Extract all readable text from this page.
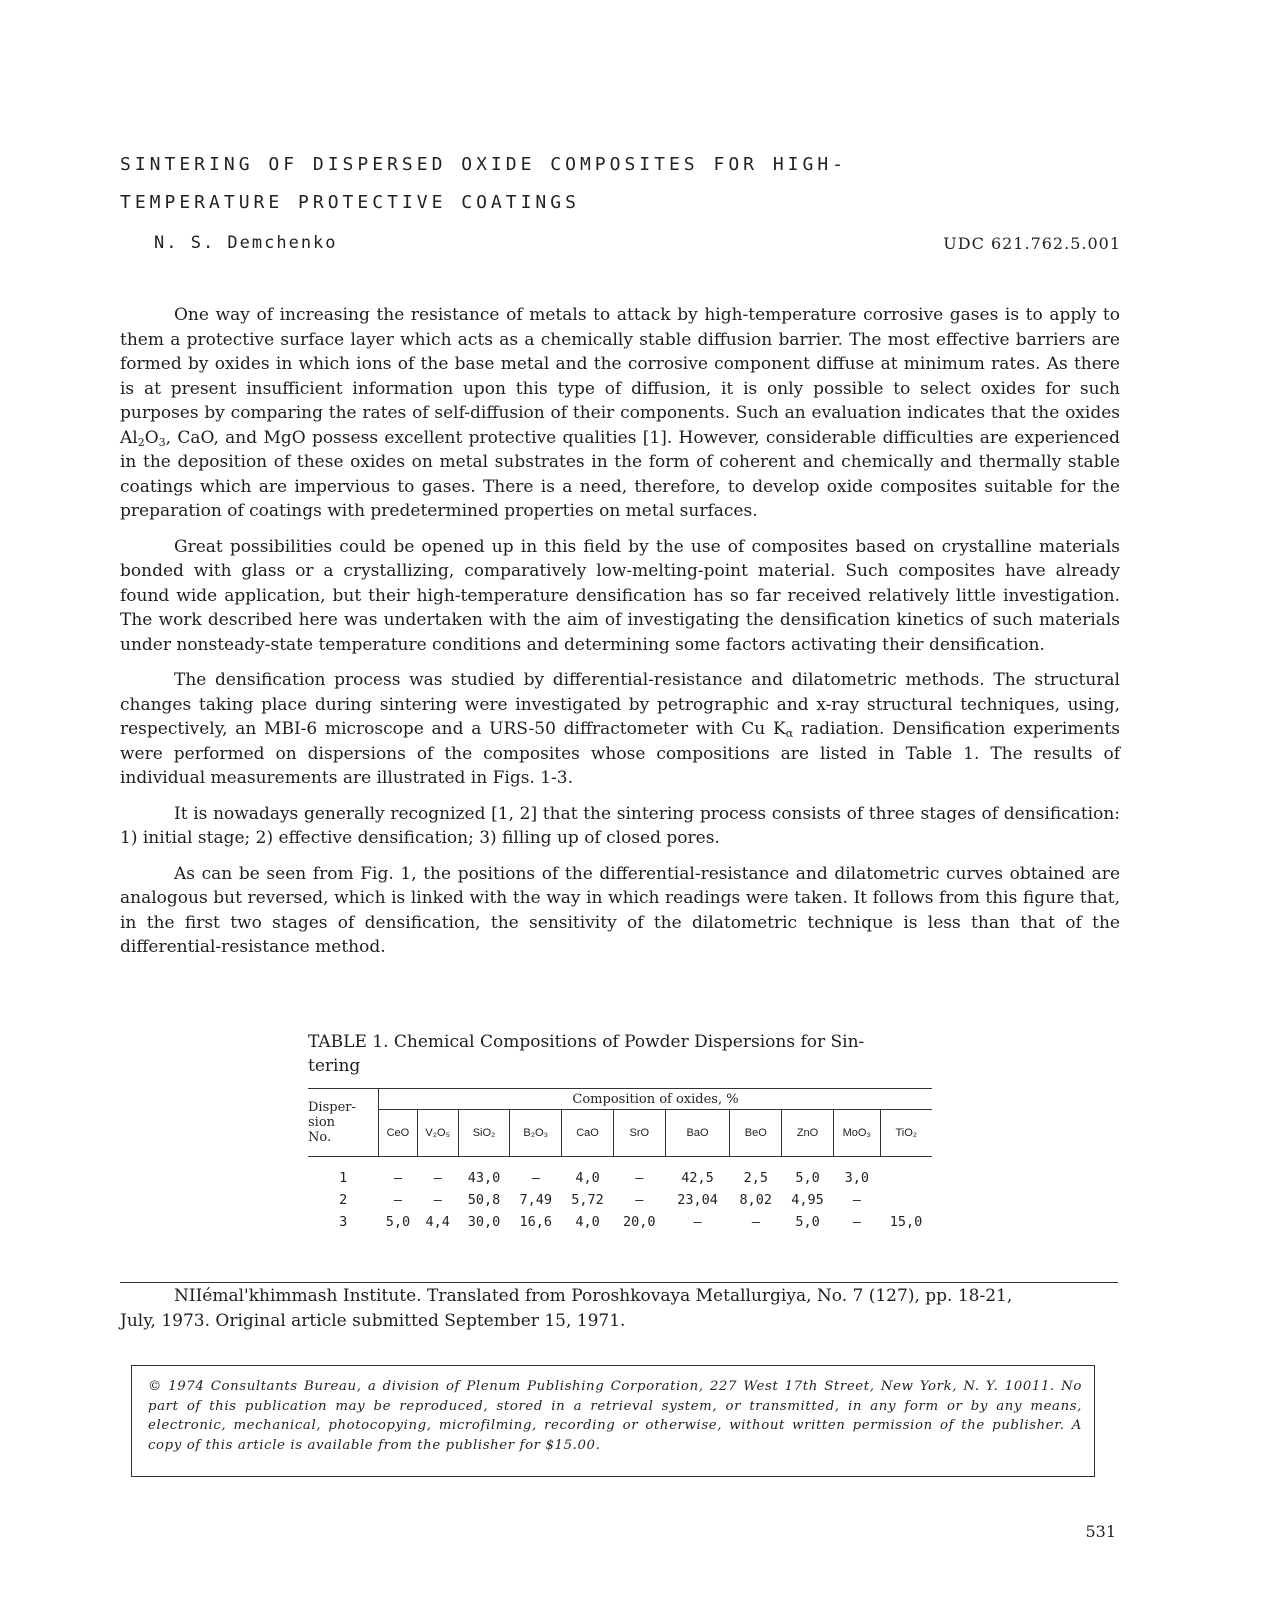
SINTERING OF DISPERSED OXIDE COMPOSITES FOR HIGH-
TEMPERATURE PROTECTIVE COATINGS
N. S. Demchenko	UDC 621.762.5.001

One way of increasing the resistance of metals to attack by high-temperature corrosive gases is to apply to them a protective surface layer which acts as a chemically stable diffusion barrier. The most effective barriers are formed by oxides in which ions of the base metal and the corrosive component diffuse at minimum rates. As there is at present insufficient information upon this type of diffusion, it is only possible to select oxides for such purposes by comparing the rates of self-diffusion of their components. Such an evaluation indicates that the oxides $Al_2O_3$, CaO, and MgO possess excellent protective qualities [1]. However, considerable difficulties are experienced in the deposition of these oxides on metal substrates in the form of coherent and chemically and thermally stable coatings which are impervious to gases. There is a need, therefore, to develop oxide composites suitable for the preparation of coatings with predetermined properties on metal surfaces.

Great possibilities could be opened up in this field by the use of composites based on crystalline materials bonded with glass or a crystallizing, comparatively low-melting-point material. Such composites have already found wide application, but their high-temperature densification has so far received relatively little investigation. The work described here was undertaken with the aim of investigating the densification kinetics of such materials under nonsteady-state temperature conditions and determining some factors activating their densification.

The densification process was studied by differential-resistance and dilatometric methods. The structural changes taking place during sintering were investigated by petrographic and x-ray structural techniques, using, respectively, an MBI-6 microscope and a URS-50 diffractometer with Cu $K_\alpha$ radiation. Densification experiments were performed on dispersions of the composites whose compositions are listed in Table 1. The results of individual measurements are illustrated in Figs. 1-3.

It is nowadays generally recognized [1, 2] that the sintering process consists of three stages of densification: 1) initial stage; 2) effective densification; 3) filling up of closed pores.

As can be seen from Fig. 1, the positions of the differential-resistance and dilatometric curves obtained are analogous but reversed, which is linked with the way in which readings were taken. It follows from this figure that, in the first two stages of densification, the sensitivity of the dilatometric technique is less than that of the differential-resistance method.

TABLE 1. Chemical Compositions of Powder Dispersions for Sin-
tering
Disper-
sion
No.	Composition of oxides, %										
	CeO	V₂O₅	SiO₂	B₂O₃	CaO	SrO	BaO	BeO	ZnO	MoO₃	TiO₂
1	—	—	43,0	—	4,0	—	42,5	2,5	5,0	3,0	
2	—	—	50,8	7,49	5,72	—	23,04	8,02	4,95	—	
3	5,0	4,4	30,0	16,6	4,0	20,0	—	—	5,0	—	15,0
NIIémal'khimmash Institute. Translated from Poroshkovaya Metallurgiya, No. 7 (127), pp. 18-21,
July, 1973. Original article submitted September 15, 1971.
© 1974 Consultants Bureau, a division of Plenum Publishing Corporation, 227 West 17th Street, New York, N. Y. 10011. No part of this publication may be reproduced, stored in a retrieval system, or transmitted, in any form or by any means, electronic, mechanical, photocopying, microfilming, recording or otherwise, without written permission of the publisher. A copy of this article is available from the publisher for $15.00.
531
